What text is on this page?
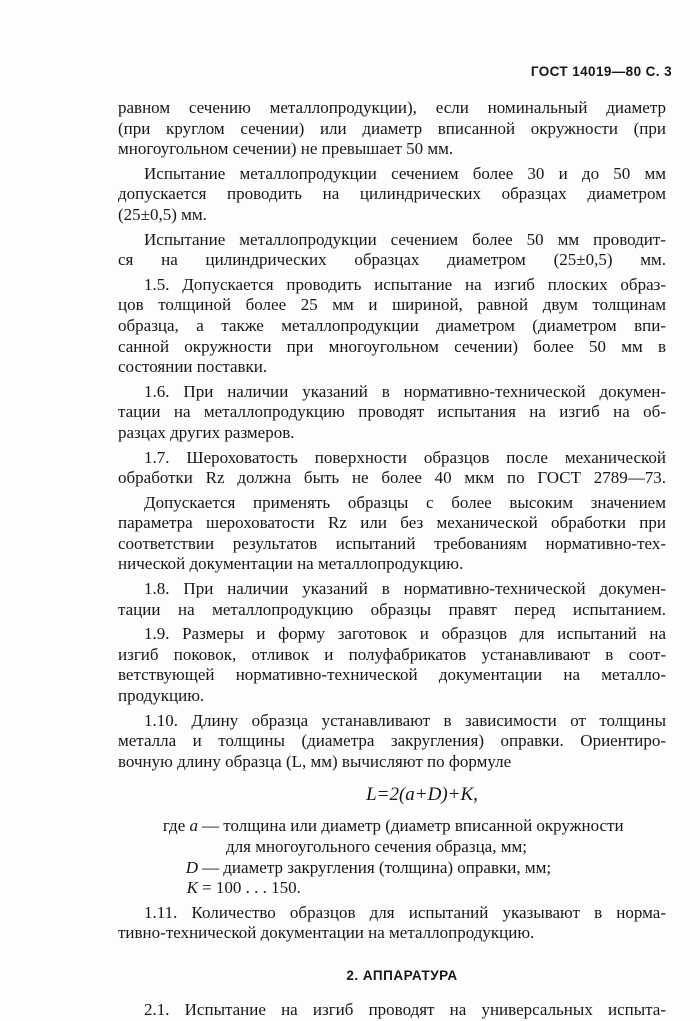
ГОСТ 14019—80 С. 3
равном сечению металлопродукции), если номинальный диаметр
(при круглом сечении) или диаметр вписанной окружности (при
многоугольном сечении) не превышает 50 мм.
Испытание металлопродукции сечением более 30 и до 50 мм
допускается проводить на цилиндрических образцах диаметром
(25±0,5) мм.
Испытание металлопродукции сечением более 50 мм проводит-
ся на цилиндрических образцах диаметром (25±0,5) мм.
1.5. Допускается проводить испытание на изгиб плоских образ-
цов толщиной более 25 мм и шириной, равной двум толщинам
образца, а также металлопродукции диаметром (диаметром впи-
санной окружности при многоугольном сечении) более 50 мм в
состоянии поставки.
1.6. При наличии указаний в нормативно-технической докумен-
тации на металлопродукцию проводят испытания на изгиб на об-
разцах других размеров.
1.7. Шероховатость поверхности образцов после механической
обработки Rz должна быть не более 40 мкм по ГОСТ 2789—73.
Допускается применять образцы с более высоким значением
параметра шероховатости Rz или без механической обработки при
соответствии результатов испытаний требованиям нормативно-тех-
нической документации на металлопродукцию.
1.8. При наличии указаний в нормативно-технической докумен-
тации на металлопродукцию образцы правят перед испытанием.
1.9. Размеры и форму заготовок и образцов для испытаний на
изгиб поковок, отливок и полуфабрикатов устанавливают в соот-
ветствующей нормативно-технической документации на металло-
продукцию.
1.10. Длину образца устанавливают в зависимости от толщины
металла и толщины (диаметра закругления) оправки. Ориентиро-
вочную длину образца (L, мм) вычисляют по формуле
L=2(a+D)+K,
где a — толщина или диаметр (диаметр вписанной окружности
для многоугольного сечения образца, мм;
D — диаметр закругления (толщина) оправки, мм;
K = 100 . . . 150.
1.11. Количество образцов для испытаний указывают в норма-
тивно-технической документации на металлопродукцию.
2. АППАРАТУРА
2.1. Испытание на изгиб проводят на универсальных испыта-
